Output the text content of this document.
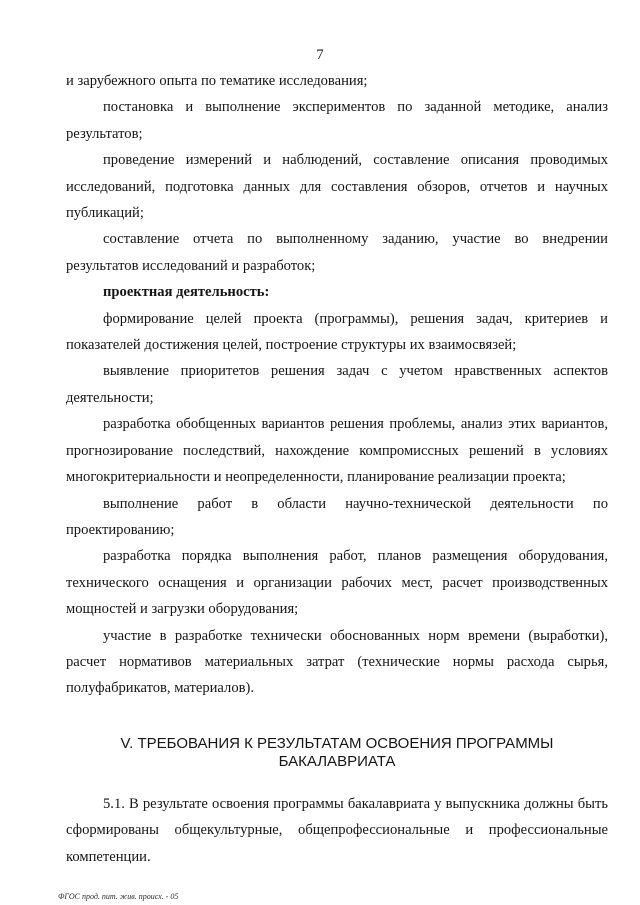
7

и зарубежного опыта по тематике исследования;

постановка и выполнение экспериментов по заданной методике, анализ результатов;

проведение измерений и наблюдений, составление описания проводимых исследований, подготовка данных для составления обзоров, отчетов и научных публикаций;

составление отчета по выполненному заданию, участие во внедрении результатов исследований и разработок;

проектная деятельность:

формирование целей проекта (программы), решения задач, критериев и показателей достижения целей, построение структуры их взаимосвязей;

выявление приоритетов решения задач с учетом нравственных аспектов деятельности;

разработка обобщенных вариантов решения проблемы, анализ этих вариантов, прогнозирование последствий, нахождение компромиссных решений в условиях многокритериальности и неопределенности, планирование реализации проекта;

выполнение работ в области научно-технической деятельности по проектированию;

разработка порядка выполнения работ, планов размещения оборудования, технического оснащения и организации рабочих мест, расчет производственных мощностей и загрузки оборудования;

участие в разработке технически обоснованных норм времени (выработки), расчет нормативов материальных затрат (технические нормы расхода сырья, полуфабрикатов, материалов).

V. ТРЕБОВАНИЯ К РЕЗУЛЬТАТАМ ОСВОЕНИЯ ПРОГРАММЫ

БАКАЛАВРИАТА

5.1. В результате освоения программы бакалавриата у выпускника должны быть сформированы общекультурные, общепрофессиональные и профессиональные компетенции.

ФГОС прод. пит. жив. происх. - 05
